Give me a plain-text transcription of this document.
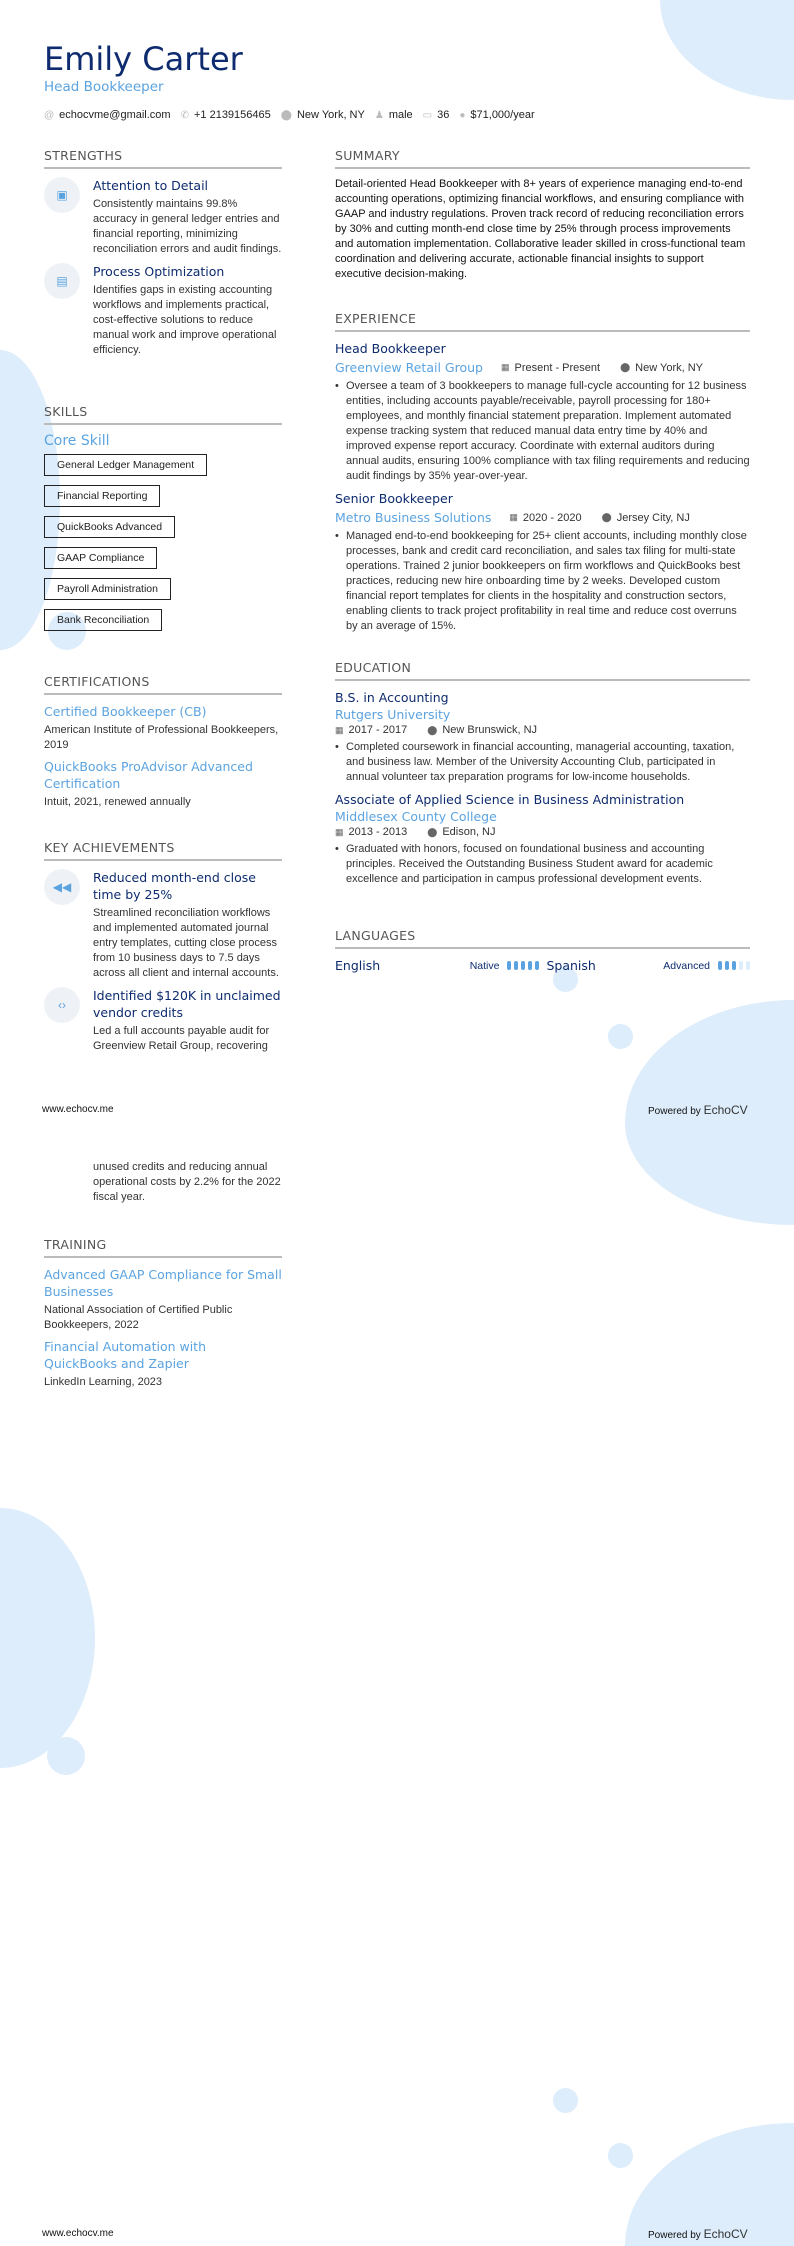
Emily Carter
Head Bookkeeper
@ echocvme@gmail.com ✆ +1 2139156465 ⬤ New York, NY ♟ male ▭ 36 ● $71,000/year
STRENGTHS
▣
Attention to Detail
Consistently maintains 99.8% accuracy in general ledger entries and financial reporting, minimizing reconciliation errors and audit findings.
▤
Process Optimization
Identifies gaps in existing accounting workflows and implements practical, cost-effective solutions to reduce manual work and improve operational efficiency.
SKILLS
Core Skill
General Ledger Management
Financial Reporting
QuickBooks Advanced
GAAP Compliance
Payroll Administration
Bank Reconciliation
CERTIFICATIONS
Certified Bookkeeper (CB)
American Institute of Professional Bookkeepers, 2019
QuickBooks ProAdvisor Advanced Certification
Intuit, 2021, renewed annually
KEY ACHIEVEMENTS
◀◀
Reduced month-end close time by 25%
Streamlined reconciliation workflows and implemented automated journal entry templates, cutting close process from 10 business days to 7.5 days across all client and internal accounts.
‹›
Identified $120K in unclaimed vendor credits
Led a full accounts payable audit for Greenview Retail Group, recovering
SUMMARY
Detail-oriented Head Bookkeeper with 8+ years of experience managing end-to-end accounting operations, optimizing financial workflows, and ensuring compliance with GAAP and industry regulations. Proven track record of reducing reconciliation errors by 30% and cutting month-end close time by 25% through process improvements and automation implementation. Collaborative leader skilled in cross-functional team coordination and delivering accurate, actionable financial insights to support executive decision-making.
EXPERIENCE
Head Bookkeeper
Greenview Retail Group ▦ Present - Present ⬤ New York, NY
• Oversee a team of 3 bookkeepers to manage full-cycle accounting for 12 business entities, including accounts payable/receivable, payroll processing for 180+ employees, and monthly financial statement preparation. Implement automated expense tracking system that reduced manual data entry time by 40% and improved expense report accuracy. Coordinate with external auditors during annual audits, ensuring 100% compliance with tax filing requirements and reducing audit findings by 35% year-over-year.
Senior Bookkeeper
Metro Business Solutions ▦ 2020 - 2020 ⬤ Jersey City, NJ
• Managed end-to-end bookkeeping for 25+ client accounts, including monthly close processes, bank and credit card reconciliation, and sales tax filing for multi-state operations. Trained 2 junior bookkeepers on firm workflows and QuickBooks best practices, reducing new hire onboarding time by 2 weeks. Developed custom financial report templates for clients in the hospitality and construction sectors, enabling clients to track project profitability in real time and reduce cost overruns by an average of 15%.
EDUCATION
B.S. in Accounting
Rutgers University
▦ 2017 - 2017 ⬤ New Brunswick, NJ
• Completed coursework in financial accounting, managerial accounting, taxation, and business law. Member of the University Accounting Club, participated in annual volunteer tax preparation programs for low-income households.
Associate of Applied Science in Business Administration
Middlesex County College
▦ 2013 - 2013 ⬤ Edison, NJ
• Graduated with honors, focused on foundational business and accounting principles. Received the Outstanding Business Student award for academic excellence and participation in campus professional development events.
LANGUAGES
English	Native	Spanish	Advanced
www.echocv.me	Powered by EchoCV
unused credits and reducing annual operational costs by 2.2% for the 2022 fiscal year.
TRAINING
Advanced GAAP Compliance for Small Businesses
National Association of Certified Public Bookkeepers, 2022
Financial Automation with QuickBooks and Zapier
LinkedIn Learning, 2023
www.echocv.me	Powered by EchoCV
